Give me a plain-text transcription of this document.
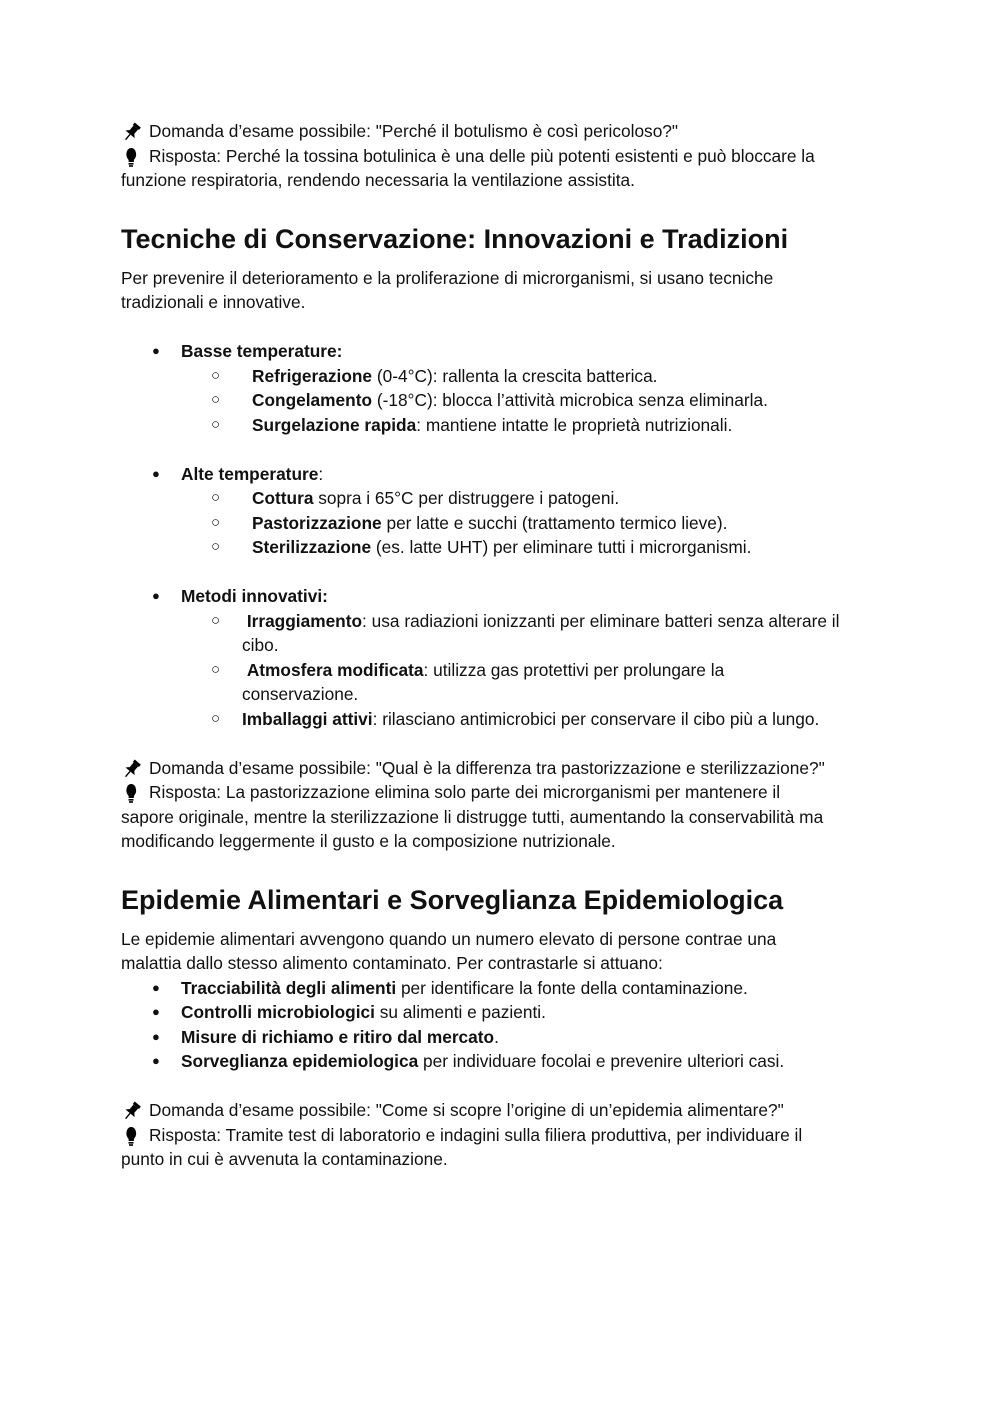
Domanda d’esame possibile: "Perché il botulismo è così pericoloso?"
Risposta: Perché la tossina botulinica è una delle più potenti esistenti e può bloccare la
funzione respiratoria, rendendo necessaria la ventilazione assistita.
Tecniche di Conservazione: Innovazioni e Tradizioni
Per prevenire il deterioramento e la proliferazione di microrganismi, si usano tecniche
tradizionali e innovative.
● Basse temperature:
○ Refrigerazione (0-4°C): rallenta la crescita batterica.
○ Congelamento (-18°C): blocca l’attività microbica senza eliminarla.
○ Surgelazione rapida: mantiene intatte le proprietà nutrizionali.
● Alte temperature:
○ Cottura sopra i 65°C per distruggere i patogeni.
○ Pastorizzazione per latte e succhi (trattamento termico lieve).
○ Sterilizzazione (es. latte UHT) per eliminare tutti i microrganismi.
● Metodi innovativi:
○ Irraggiamento: usa radiazioni ionizzanti per eliminare batteri senza alterare il cibo.
○ Atmosfera modificata: utilizza gas protettivi per prolungare la conservazione.
○ Imballaggi attivi: rilasciano antimicrobici per conservare il cibo più a lungo.
Domanda d’esame possibile: "Qual è la differenza tra pastorizzazione e sterilizzazione?"
Risposta: La pastorizzazione elimina solo parte dei microrganismi per mantenere il
sapore originale, mentre la sterilizzazione li distrugge tutti, aumentando la conservabilità ma
modificando leggermente il gusto e la composizione nutrizionale.
Epidemie Alimentari e Sorveglianza Epidemiologica
Le epidemie alimentari avvengono quando un numero elevato di persone contrae una
malattia dallo stesso alimento contaminato. Per contrastarle si attuano:
● Tracciabilità degli alimenti per identificare la fonte della contaminazione.
● Controlli microbiologici su alimenti e pazienti.
● Misure di richiamo e ritiro dal mercato.
● Sorveglianza epidemiologica per individuare focolai e prevenire ulteriori casi.
Domanda d’esame possibile: "Come si scopre l’origine di un’epidemia alimentare?"
Risposta: Tramite test di laboratorio e indagini sulla filiera produttiva, per individuare il
punto in cui è avvenuta la contaminazione.
